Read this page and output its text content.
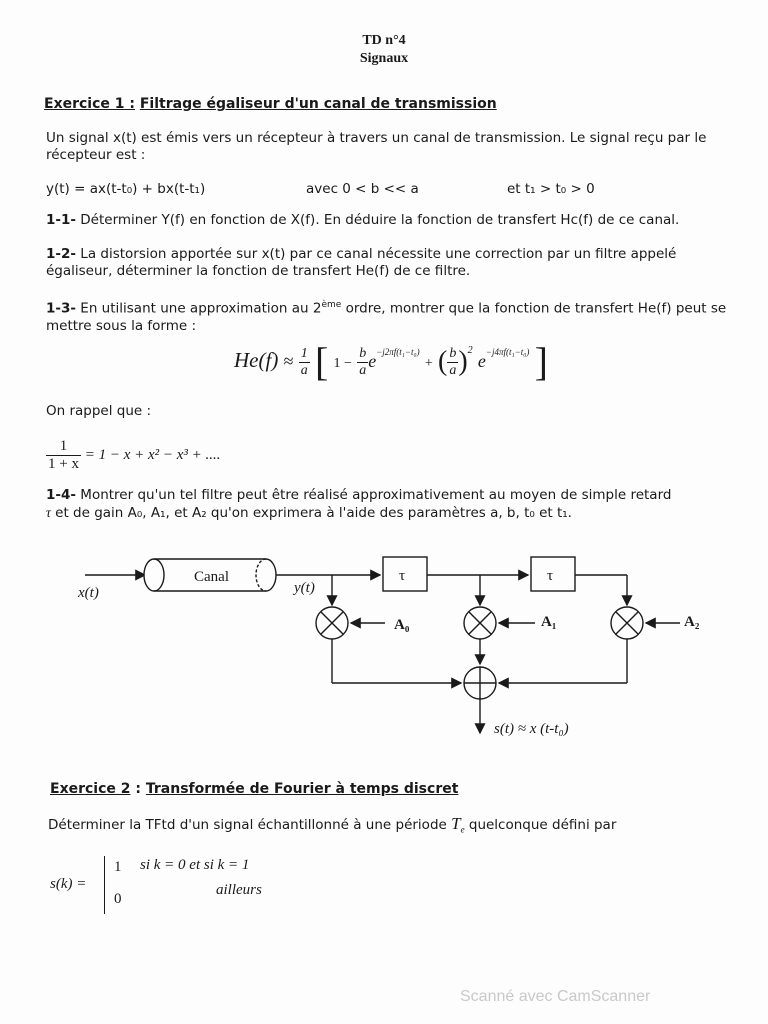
TD n°4
Signaux
Exercice 1 : Filtrage égaliseur d'un canal de transmission
Un signal x(t) est émis vers un récepteur à travers un canal de transmission. Le signal reçu par le récepteur est :
y(t) = ax(t-t₀) + bx(t-t₁)	avec 0 < b << a	et t₁ > t₀ > 0
1-1- Déterminer Y(f) en fonction de X(f). En déduire la fonction de transfert Hc(f) de ce canal.
1-2- La distorsion apportée sur x(t) par ce canal nécessite une correction par un filtre appelé égaliseur, déterminer la fonction de transfert He(f) de ce filtre.
1-3- En utilisant une approximation au 2ème ordre, montrer que la fonction de transfert He(f) peut se mettre sous la forme :
$He(f) \approx \frac{1}{a}$ [ $1 - \frac{b}{a} e^{-j2\pi f(t_1-t_0)}$ + ( $\frac{b}{a} )^2$ $e^{-j4\pi f(t_1-t_0)}$ ]
On rappel que :
$\frac{1}{1 + x} = 1 - x + x^2 - x^3$ + ....
1-4- Montrer qu'un tel filtre peut être réalisé approximativement au moyen de simple retard
τ et de gain A₀, A₁, et A₂ qu'on exprimera à l'aide des paramètres a, b, t₀ et t₁.
x(t)
Canal
y(t)
τ	τ
A₀	A₁	A₂
s(t) ≈ x (t-t₀)
Exercice 2 : Transformée de Fourier à temps discret
Déterminer la TFtd d'un signal échantillonné à une période $T_e$ quelconque défini par
s(k) =
1 si k = 0 et si k = 1
0
ailleurs
Scanné avec CamScanner
